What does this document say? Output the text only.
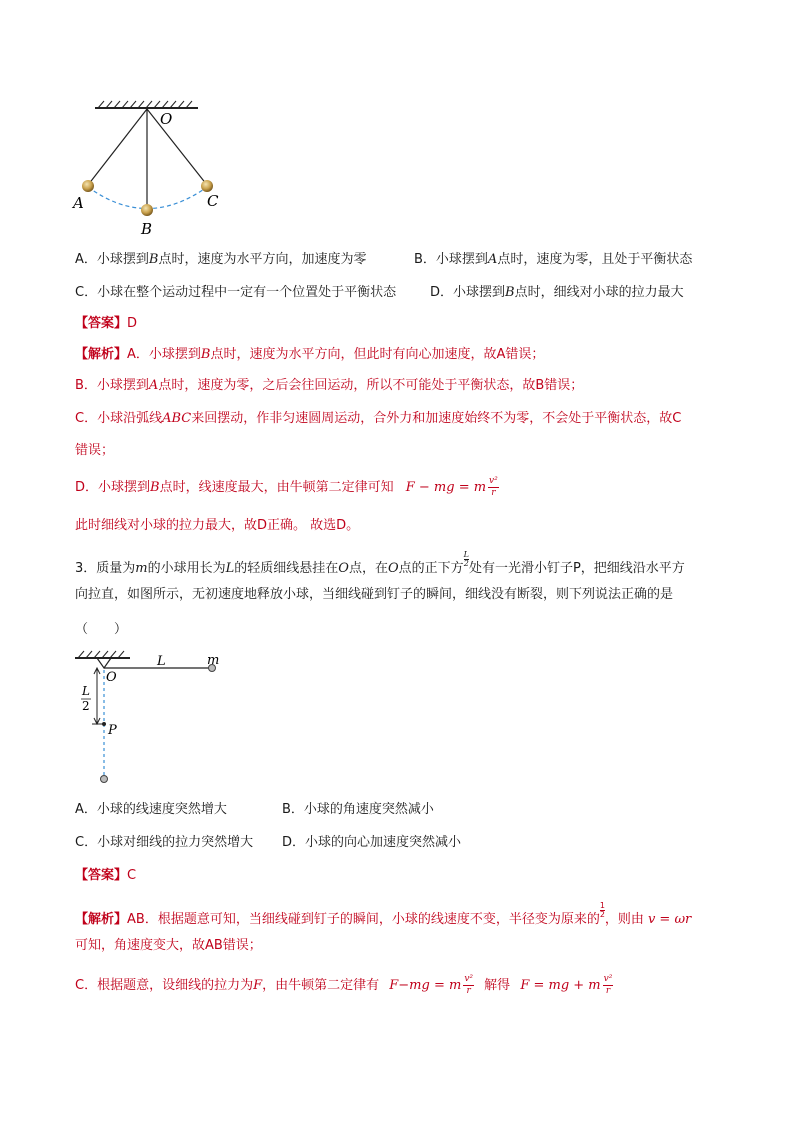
O
A
B
C
A．小球摆到B点时，速度为水平方向，加速度为零	B．小球摆到A点时，速度为零，且处于平衡状态
C．小球在整个运动过程中一定有一个位置处于平衡状态	D．小球摆到B点时，细线对小球的拉力最大
【答案】D
【解析】A．小球摆到B点时，速度为水平方向，但此时有向心加速度，故A错误；
B．小球摆到A点时，速度为零，之后会往回运动，所以不可能处于平衡状态，故B错误；
C．小球沿弧线ABC来回摆动，作非匀速圆周运动，合外力和加速度始终不为零，不会处于平衡状态，故C
错误；
D．小球摆到B点时，线速度最大，由牛顿第二定律可知 F − mg = m $\frac{\text{v²}}{r}$
此时细线对小球的拉力最大，故D正确。 故选D。
3．质量为m的小球用长为L的轻质细线悬挂在O点，在O点的正下方
$\frac{L}{2}$
处有一光滑小钉子P，把细线沿水平方
向拉直，如图所示，无初速度地释放小球，当细线碰到钉子的瞬间，细线没有断裂，则下列说法正确的是
（　　）
L	m
O
L
2
P
A．小球的线速度突然增大	B．小球的角速度突然减小
C．小球对细线的拉力突然增大 D．小球的向心加速度突然减小
【答案】C
【解析】AB．根据题意可知，当细线碰到钉子的瞬间，小球的线速度不变，半径变为原来的
$\frac{1}{2}$
，则由 v = ωr
可知，角速度变大，故AB错误；
C．根据题意，设细线的拉力为F，由牛顿第二定律有 F−mg = m $\frac{\text{v²}}{r}$ 解得 F = mg + m $\frac{\text{v²}}{r}$
